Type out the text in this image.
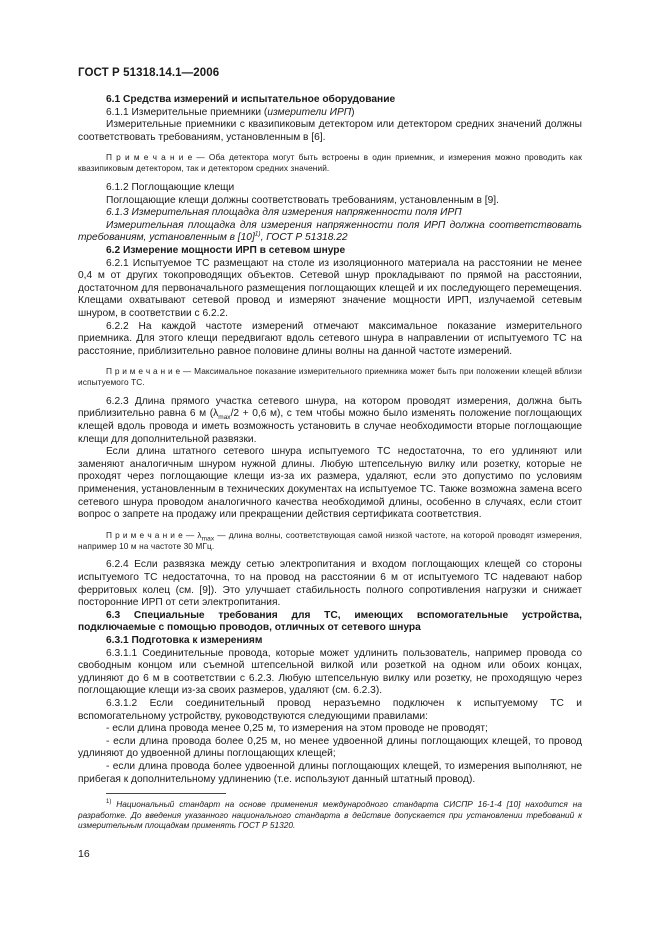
ГОСТ Р 51318.14.1—2006

6.1 Средства измерений и испытательное оборудование

6.1.1 Измерительные приемники (измерители ИРП)

Измерительные приемники с квазипиковым детектором или детектором средних значений должны соответствовать требованиям, установленным в [6].

П р и м е ч а н и е — Оба детектора могут быть встроены в один приемник, и измерения можно проводить как квазипиковым детектором, так и детектором средних значений.

6.1.2 Поглощающие клещи

Поглощающие клещи должны соответствовать требованиям, установленным в [9].

6.1.3 Измерительная площадка для измерения напряженности поля ИРП

Измерительная площадка для измерения напряженности поля ИРП должна соответствовать требованиям, установленным в $[10]^{1)}$, ГОСТ Р 51318.22

6.2 Измерение мощности ИРП в сетевом шнуре

6.2.1 Испытуемое ТС размещают на столе из изоляционного материала на расстоянии не менее 0,4 м от других токопроводящих объектов. Сетевой шнур прокладывают по прямой на расстоянии, достаточном для первоначального размещения поглощающих клещей и их последующего перемещения. Клещами охватывают сетевой провод и измеряют значение мощности ИРП, излучаемой сетевым шнуром, в соответствии с 6.2.2.

6.2.2 На каждой частоте измерений отмечают максимальное показание измерительного приемника. Для этого клещи передвигают вдоль сетевого шнура в направлении от испытуемого ТС на расстояние, приблизительно равное половине длины волны на данной частоте измерений.

П р и м е ч а н и е — Максимальное показание измерительного приемника может быть при положении клещей вблизи испытуемого ТС.

6.2.3 Длина прямого участка сетевого шнура, на котором проводят измерения, должна быть приблизительно равна 6 м ($\lambda_{max}/2 + 0,6$ м), с тем чтобы можно было изменять положение поглощающих клещей вдоль провода и иметь возможность установить в случае необходимости вторые поглощающие клещи для дополнительной развязки.

Если длина штатного сетевого шнура испытуемого ТС недостаточна, то его удлиняют или заменяют аналогичным шнуром нужной длины. Любую штепсельную вилку или розетку, которые не проходят через поглощающие клещи из-за их размера, удаляют, если это допустимо по условиям применения, установленным в технических документах на испытуемое ТС. Также возможна замена всего сетевого шнура проводом аналогичного качества необходимой длины, особенно в случаях, если стоит вопрос о запрете на продажу или прекращении действия сертификата соответствия.

П р и м е ч а н и е — $\lambda_{max}$ — длина волны, соответствующая самой низкой частоте, на которой проводят измерения, например 10 м на частоте 30 МГц.

6.2.4 Если развязка между сетью электропитания и входом поглощающих клещей со стороны испытуемого ТС недостаточна, то на провод на расстоянии 6 м от испытуемого ТС надевают набор ферритовых колец (см. [9]). Это улучшает стабильность полного сопротивления нагрузки и снижает посторонние ИРП от сети электропитания.

6.3 Специальные требования для ТС, имеющих вспомогательные устройства, подключаемые с помощью проводов, отличных от сетевого шнура

6.3.1 Подготовка к измерениям

6.3.1.1 Соединительные провода, которые может удлинить пользователь, например провода со свободным концом или съемной штепсельной вилкой или розеткой на одном или обоих концах, удлиняют до 6 м в соответствии с 6.2.3. Любую штепсельную вилку или розетку, не проходящую через поглощающие клещи из-за своих размеров, удаляют (см. 6.2.3).

6.3.1.2 Если соединительный провод неразъемно подключен к испытуемому ТС и вспомогательному устройству, руководствуются следующими правилами:

- если длина провода менее 0,25 м, то измерения на этом проводе не проводят;

- если длина провода более 0,25 м, но менее удвоенной длины поглощающих клещей, то провод удлиняют до удвоенной длины поглощающих клещей;

- если длина провода более удвоенной длины поглощающих клещей, то измерения выполняют, не прибегая к дополнительному удлинению (т.е. используют данный штатный провод).

$^{1)}$ Национальный стандарт на основе применения международного стандарта СИСПР 16-1-4 [10] находится на разработке. До введения указанного национального стандарта в действие допускается при установлении требований к измерительным площадкам применять ГОСТ Р 51320.

16
